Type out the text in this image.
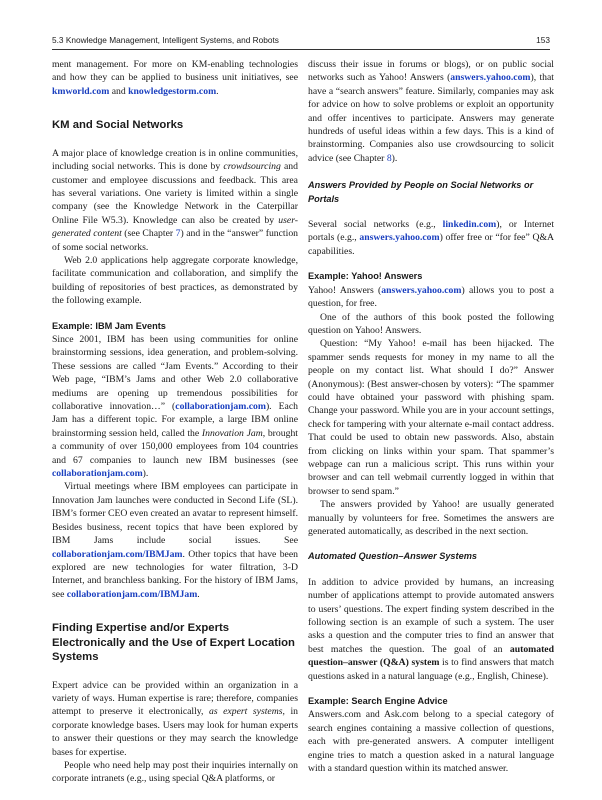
5.3 Knowledge Management, Intelligent Systems, and Robots	153

ment management. For more on KM-enabling technologies and how they can be applied to business unit initiatives, see kmworld.com and knowledgestorm.com.

KM and Social Networks

A major place of knowledge creation is in online communities, including social networks. This is done by crowdsourcing and customer and employee discussions and feedback. This area has several variations. One variety is limited within a single company (see the Knowledge Network in the Caterpillar Online File W5.3). Knowledge can also be created by user-generated content (see Chapter 7) and in the “answer” function of some social networks.

Web 2.0 applications help aggregate corporate knowledge, facilitate communication and collaboration, and simplify the building of repositories of best practices, as demonstrated by the following example.

Example: IBM Jam Events

Since 2001, IBM has been using communities for online brainstorming sessions, idea generation, and problem-solving. These sessions are called “Jam Events.” According to their Web page, “IBM’s Jams and other Web 2.0 collaborative mediums are opening up tremendous possibilities for collaborative innovation…” (collaborationjam.com). Each Jam has a different topic. For example, a large IBM online brainstorming session held, called the Innovation Jam, brought a community of over 150,000 employees from 104 countries and 67 companies to launch new IBM businesses (see collaborationjam.com).

Virtual meetings where IBM employees can participate in Innovation Jam launches were conducted in Second Life (SL). IBM’s former CEO even created an avatar to represent himself. Besides business, recent topics that have been explored by IBM Jams include social issues. See collaborationjam.com/IBMJam. Other topics that have been explored are new technologies for water filtration, 3-D Internet, and branchless banking. For the history of IBM Jams, see collaborationjam.com/IBMJam.

Finding Expertise and/or Experts Electronically and the Use of Expert Location Systems

Expert advice can be provided within an organization in a variety of ways. Human expertise is rare; therefore, companies attempt to preserve it electronically, as expert systems, in corporate knowledge bases. Users may look for human experts to answer their questions or they may search the knowledge bases for expertise.

People who need help may post their inquiries internally on corporate intranets (e.g., using special Q&A platforms, or

discuss their issue in forums or blogs), or on public social networks such as Yahoo! Answers (answers.yahoo.com), that have a “search answers” feature. Similarly, companies may ask for advice on how to solve problems or exploit an opportunity and offer incentives to participate. Answers may generate hundreds of useful ideas within a few days. This is a kind of brainstorming. Companies also use crowdsourcing to solicit advice (see Chapter 8).

Answers Provided by People on Social Networks or Portals

Several social networks (e.g., linkedin.com), or Internet portals (e.g., answers.yahoo.com) offer free or “for fee” Q&A capabilities.

Example: Yahoo! Answers

Yahoo! Answers (answers.yahoo.com) allows you to post a question, for free.

One of the authors of this book posted the following question on Yahoo! Answers.

Question: “My Yahoo! e-mail has been hijacked. The spammer sends requests for money in my name to all the people on my contact list. What should I do?” Answer (Anonymous): (Best answer-chosen by voters): “The spammer could have obtained your password with phishing spam. Change your password. While you are in your account settings, check for tampering with your alternate e-mail contact address. That could be used to obtain new passwords. Also, abstain from clicking on links within your spam. That spammer’s webpage can run a malicious script. This runs within your browser and can tell webmail currently logged in within that browser to send spam.”

The answers provided by Yahoo! are usually generated manually by volunteers for free. Sometimes the answers are generated automatically, as described in the next section.

Automated Question–Answer Systems

In addition to advice provided by humans, an increasing number of applications attempt to provide automated answers to users’ questions. The expert finding system described in the following section is an example of such a system. The user asks a question and the computer tries to find an answer that best matches the question. The goal of an automated question–answer (Q&A) system is to find answers that match questions asked in a natural language (e.g., English, Chinese).

Example: Search Engine Advice

Answers.com and Ask.com belong to a special category of search engines containing a massive collection of questions, each with pre-generated answers. A computer intelligent engine tries to match a question asked in a natural language with a standard question within its matched answer.
